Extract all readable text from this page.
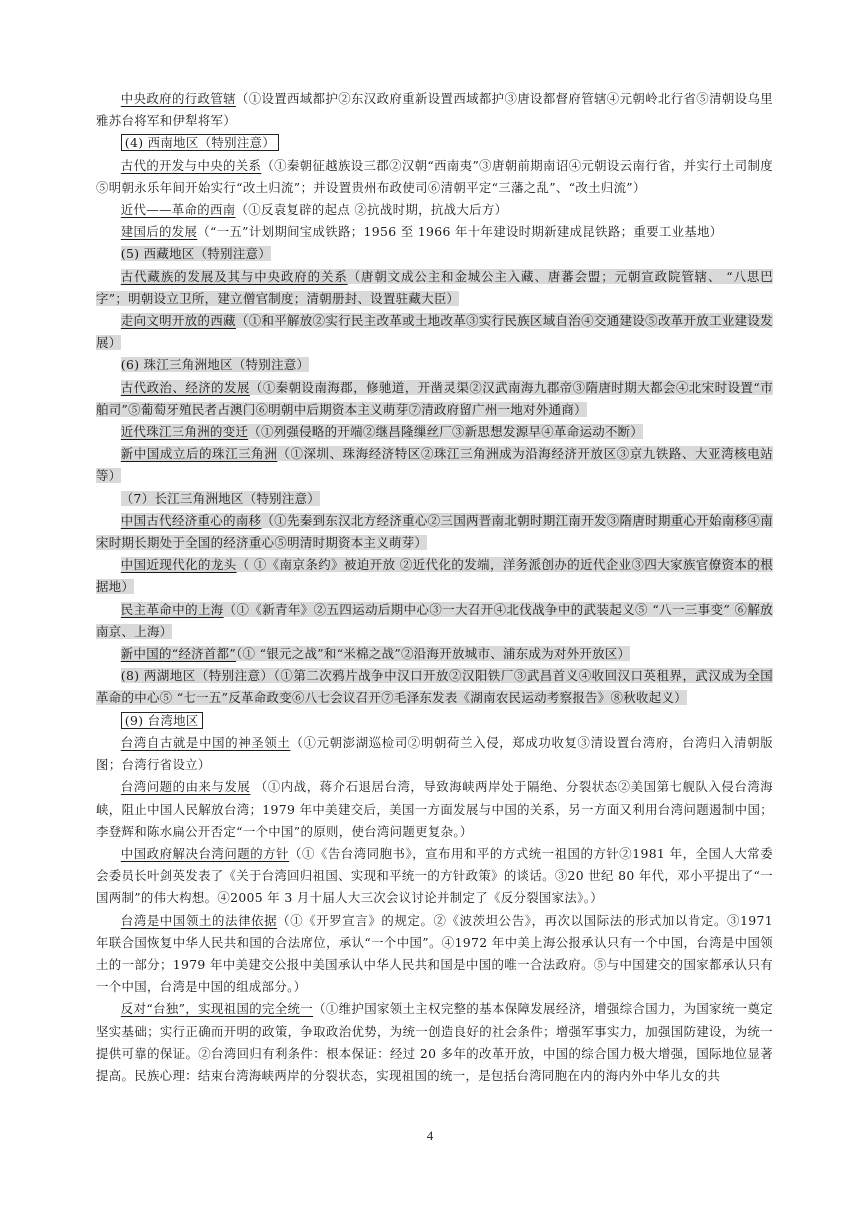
中央政府的行政管辖（①设置西域都护②东汉政府重新设置西域都护③唐设都督府管辖④元朝岭北行省⑤清朝设乌里雅苏台将军和伊犁将军）

(4) 西南地区（特别注意）

古代的开发与中央的关系（①秦朝征越族设三郡②汉朝“西南夷”③唐朝前期南诏④元朝设云南行省，并实行土司制度⑤明朝永乐年间开始实行“改土归流”；并设置贵州布政使司⑥清朝平定“三藩之乱”、“改土归流”）

近代——革命的西南（①反袁复辟的起点 ②抗战时期，抗战大后方）

建国后的发展（“一五”计划期间宝成铁路；1956 至 1966 年十年建设时期新建成昆铁路；重要工业基地）

(5) 西藏地区（特别注意）

古代藏族的发展及其与中央政府的关系（唐朝文成公主和金城公主入藏、唐蕃会盟；元朝宣政院管辖、 “八思巴字”；明朝设立卫所，建立僧官制度；清朝册封、设置驻藏大臣）

走向文明开放的西藏（①和平解放②实行民主改革或土地改革③实行民族区域自治④交通建设⑤改革开放工业建设发展）

(6) 珠江三角洲地区（特别注意）

古代政治、经济的发展（①秦朝设南海郡，修驰道，开凿灵渠②汉武南海九郡帝③隋唐时期大都会④北宋时设置“市舶司”⑤葡萄牙殖民者占澳门⑥明朝中后期资本主义萌芽⑦清政府留广州一地对外通商）

近代珠江三角洲的变迁（①列强侵略的开端②继昌隆缫丝厂③新思想发源早④革命运动不断）

新中国成立后的珠江三角洲（①深圳、珠海经济特区②珠江三角洲成为沿海经济开放区③京九铁路、大亚湾核电站等）

（7）长江三角洲地区（特别注意）

中国古代经济重心的南移（①先秦到东汉北方经济重心②三国两晋南北朝时期江南开发③隋唐时期重心开始南移④南宋时期长期处于全国的经济重心⑤明清时期资本主义萌芽）

中国近现代化的龙头（ ①《南京条约》被迫开放 ②近代化的发端，洋务派创办的近代企业③四大家族官僚资本的根据地）

民主革命中的上海（①《新青年》②五四运动后期中心③一大召开④北伐战争中的武装起义⑤ “八一三事变” ⑥解放南京、上海）

新中国的“经济首都”（① “银元之战”和“米棉之战”②沿海开放城市、浦东成为对外开放区）

(8) 两湖地区（特别注意）（①第二次鸦片战争中汉口开放②汉阳铁厂③武昌首义④收回汉口英租界，武汉成为全国革命的中心⑤ “七一五”反革命政变⑥八七会议召开⑦毛泽东发表《湖南农民运动考察报告》⑧秋收起义）

(9) 台湾地区

台湾自古就是中国的神圣领土（①元朝澎湖巡检司②明朝荷兰入侵，郑成功收复③清设置台湾府，台湾归入清朝版图；台湾行省设立）

台湾问题的由来与发展 （①内战，蒋介石退居台湾，导致海峡两岸处于隔绝、分裂状态②美国第七舰队入侵台湾海峡，阻止中国人民解放台湾；1979 年中美建交后，美国一方面发展与中国的关系，另一方面又利用台湾问题遏制中国；李登辉和陈水扁公开否定“一个中国”的原则，使台湾问题更复杂。）

中国政府解决台湾问题的方针（①《告台湾同胞书》，宣布用和平的方式统一祖国的方针②1981 年，全国人大常委会委员长叶剑英发表了《关于台湾回归祖国、实现和平统一的方针政策》的谈话。③20 世纪 80 年代，邓小平提出了“一国两制”的伟大构想。④2005 年 3 月十届人大三次会议讨论并制定了《反分裂国家法》。）

台湾是中国领土的法律依据（①《开罗宣言》的规定。②《波茨坦公告》，再次以国际法的形式加以肯定。③1971 年联合国恢复中华人民共和国的合法席位，承认“一个中国”。④1972 年中美上海公报承认只有一个中国，台湾是中国领土的一部分；1979 年中美建交公报中美国承认中华人民共和国是中国的唯一合法政府。⑤与中国建交的国家都承认只有一个中国，台湾是中国的组成部分。）

反对“台独”，实现祖国的完全统一（①维护国家领土主权完整的基本保障发展经济，增强综合国力，为国家统一奠定坚实基础；实行正确而开明的政策，争取政治优势，为统一创造良好的社会条件；增强军事实力，加强国防建设，为统一提供可靠的保证。②台湾回归有利条件：根本保证：经过 20 多年的改革开放，中国的综合国力极大增强，国际地位显著提高。民族心理：结束台湾海峡两岸的分裂状态，实现祖国的统一，是包括台湾同胞在内的海内外中华儿女的共

4
